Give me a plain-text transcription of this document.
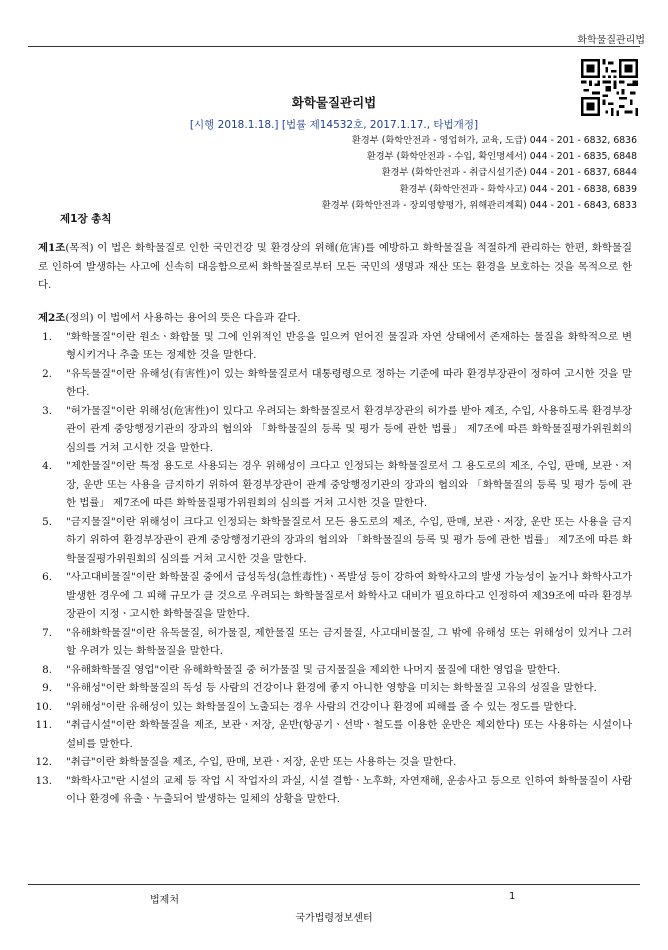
화학물질관리법
화학물질관리법
[시행 2018.1.18.] [법률 제14532호, 2017.1.17., 타법개정]
환경부 (화학안전과 - 영업허가, 교육, 도급) 044 - 201 - 6832, 6836
환경부 (화학안전과 - 수입, 확인명세서) 044 - 201 - 6835, 6848
환경부 (화학안전과 - 취급시설기준) 044 - 201 - 6837, 6844
환경부 (화학안전과 - 화학사고) 044 - 201 - 6838, 6839
환경부 (화학안전과 - 장외영향평가, 위해관리계획) 044 - 201 - 6843, 6833
제1장 총칙
제1조(목적) 이 법은 화학물질로 인한 국민건강 및 환경상의 위해(危害)를 예방하고 화학물질을 적절하게 관리하는 한편, 화학물질로 인하여 발생하는 사고에 신속히 대응함으로써 화학물질로부터 모든 국민의 생명과 재산 또는 환경을 보호하는 것을 목적으로 한다.
제2조(정의) 이 법에서 사용하는 용어의 뜻은 다음과 같다.
1. "화학물질"이란 원소ㆍ화합물 및 그에 인위적인 반응을 일으켜 얻어진 물질과 자연 상태에서 존재하는 물질을 화학적으로 변형시키거나 추출 또는 정제한 것을 말한다.
2. "유독물질"이란 유해성(有害性)이 있는 화학물질로서 대통령령으로 정하는 기준에 따라 환경부장관이 정하여 고시한 것을 말한다.
3. "허가물질"이란 위해성(危害性)이 있다고 우려되는 화학물질로서 환경부장관의 허가를 받아 제조, 수입, 사용하도록 환경부장관이 관계 중앙행정기관의 장과의 협의와 「화학물질의 등록 및 평가 등에 관한 법률」 제7조에 따른 화학물질평가위원회의 심의를 거쳐 고시한 것을 말한다.
4. "제한물질"이란 특정 용도로 사용되는 경우 위해성이 크다고 인정되는 화학물질로서 그 용도로의 제조, 수입, 판매, 보관ㆍ저장, 운반 또는 사용을 금지하기 위하여 환경부장관이 관계 중앙행정기관의 장과의 협의와 「화학물질의 등록 및 평가 등에 관한 법률」 제7조에 따른 화학물질평가위원회의 심의를 거쳐 고시한 것을 말한다.
5. "금지물질"이란 위해성이 크다고 인정되는 화학물질로서 모든 용도로의 제조, 수입, 판매, 보관ㆍ저장, 운반 또는 사용을 금지하기 위하여 환경부장관이 관계 중앙행정기관의 장과의 협의와 「화학물질의 등록 및 평가 등에 관한 법률」 제7조에 따른 화학물질평가위원회의 심의를 거쳐 고시한 것을 말한다.
6. "사고대비물질"이란 화학물질 중에서 급성독성(急性毒性)ㆍ폭발성 등이 강하여 화학사고의 발생 가능성이 높거나 화학사고가 발생한 경우에 그 피해 규모가 클 것으로 우려되는 화학물질로서 화학사고 대비가 필요하다고 인정하여 제39조에 따라 환경부장관이 지정ㆍ고시한 화학물질을 말한다.
7. "유해화학물질"이란 유독물질, 허가물질, 제한물질 또는 금지물질, 사고대비물질, 그 밖에 유해성 또는 위해성이 있거나 그러할 우려가 있는 화학물질을 말한다.
8. "유해화학물질 영업"이란 유해화학물질 중 허가물질 및 금지물질을 제외한 나머지 물질에 대한 영업을 말한다.
9. "유해성"이란 화학물질의 독성 등 사람의 건강이나 환경에 좋지 아니한 영향을 미치는 화학물질 고유의 성질을 말한다.
10. "위해성"이란 유해성이 있는 화학물질이 노출되는 경우 사람의 건강이나 환경에 피해를 줄 수 있는 정도를 말한다.
11. "취급시설"이란 화학물질을 제조, 보관ㆍ저장, 운반(항공기ㆍ선박ㆍ철도를 이용한 운반은 제외한다) 또는 사용하는 시설이나 설비를 말한다.
12. "취급"이란 화학물질을 제조, 수입, 판매, 보관ㆍ저장, 운반 또는 사용하는 것을 말한다.
13. "화학사고"란 시설의 교체 등 작업 시 작업자의 과실, 시설 결함ㆍ노후화, 자연재해, 운송사고 등으로 인하여 화학물질이 사람이나 환경에 유출ㆍ누출되어 발생하는 일체의 상황을 말한다.
법제처	1
국가법령정보센터
